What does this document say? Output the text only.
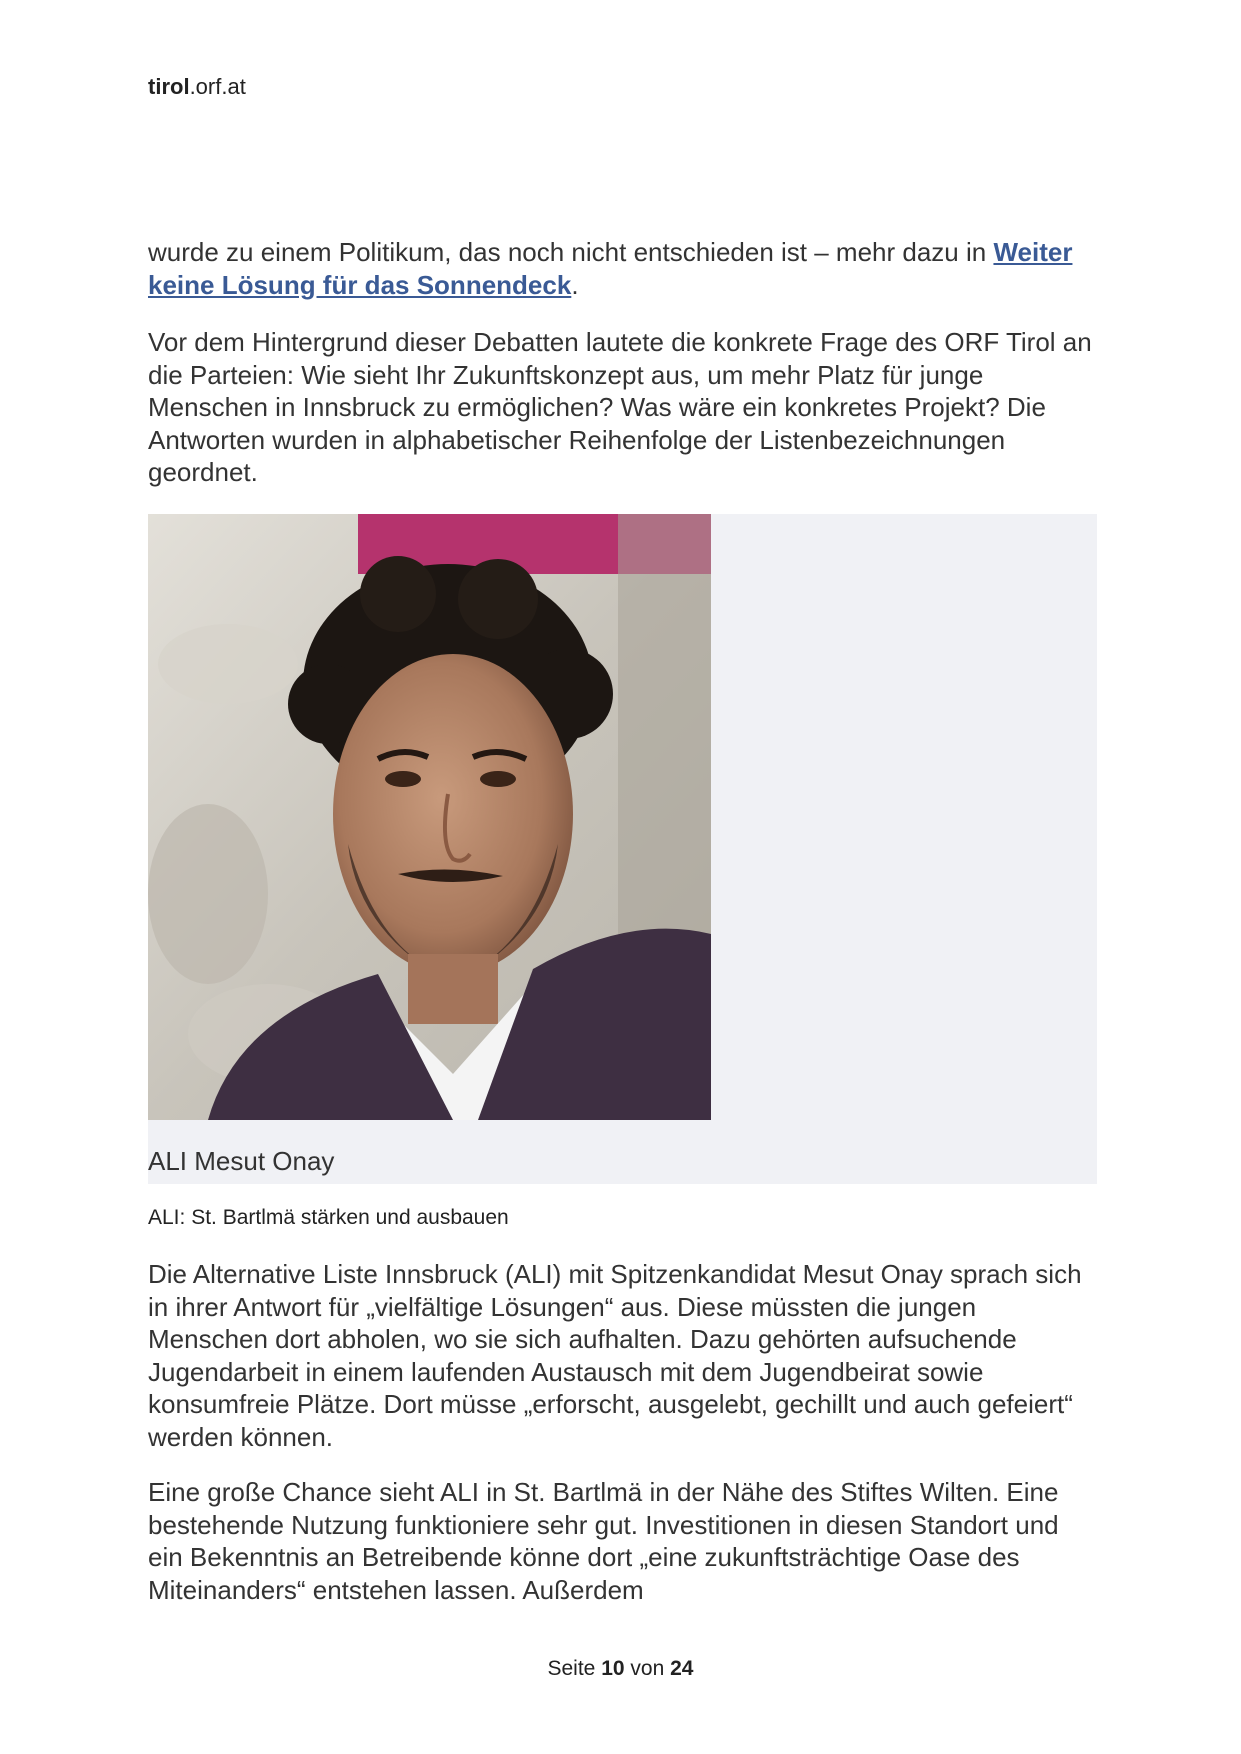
tirol.orf.at

wurde zu einem Politikum, das noch nicht entschieden ist – mehr dazu in Weiter keine Lösung für das Sonnendeck.

Vor dem Hintergrund dieser Debatten lautete die konkrete Frage des ORF Tirol an die Parteien: Wie sieht Ihr Zukunftskonzept aus, um mehr Platz für junge Menschen in Innsbruck zu ermöglichen? Was wäre ein konkretes Projekt? Die Antworten wurden in alphabetischer Reihenfolge der Listenbezeichnungen geordnet.

ALI Mesut Onay
ALI: St. Bartlmä stärken und ausbauen

Die Alternative Liste Innsbruck (ALI) mit Spitzenkandidat Mesut Onay sprach sich in ihrer Antwort für „vielfältige Lösungen“ aus. Diese müssten die jungen Menschen dort abholen, wo sie sich aufhalten. Dazu gehörten aufsuchende Jugendarbeit in einem laufenden Austausch mit dem Jugendbeirat sowie konsumfreie Plätze. Dort müsse „erforscht, ausgelebt, gechillt und auch gefeiert“ werden können.

Eine große Chance sieht ALI in St. Bartlmä in der Nähe des Stiftes Wilten. Eine bestehende Nutzung funktioniere sehr gut. Investitionen in diesen Standort und ein Bekenntnis an Betreibende könne dort „eine zukunftsträchtige Oase des Miteinanders“ entstehen lassen. Außerdem

Seite 10 von 24
